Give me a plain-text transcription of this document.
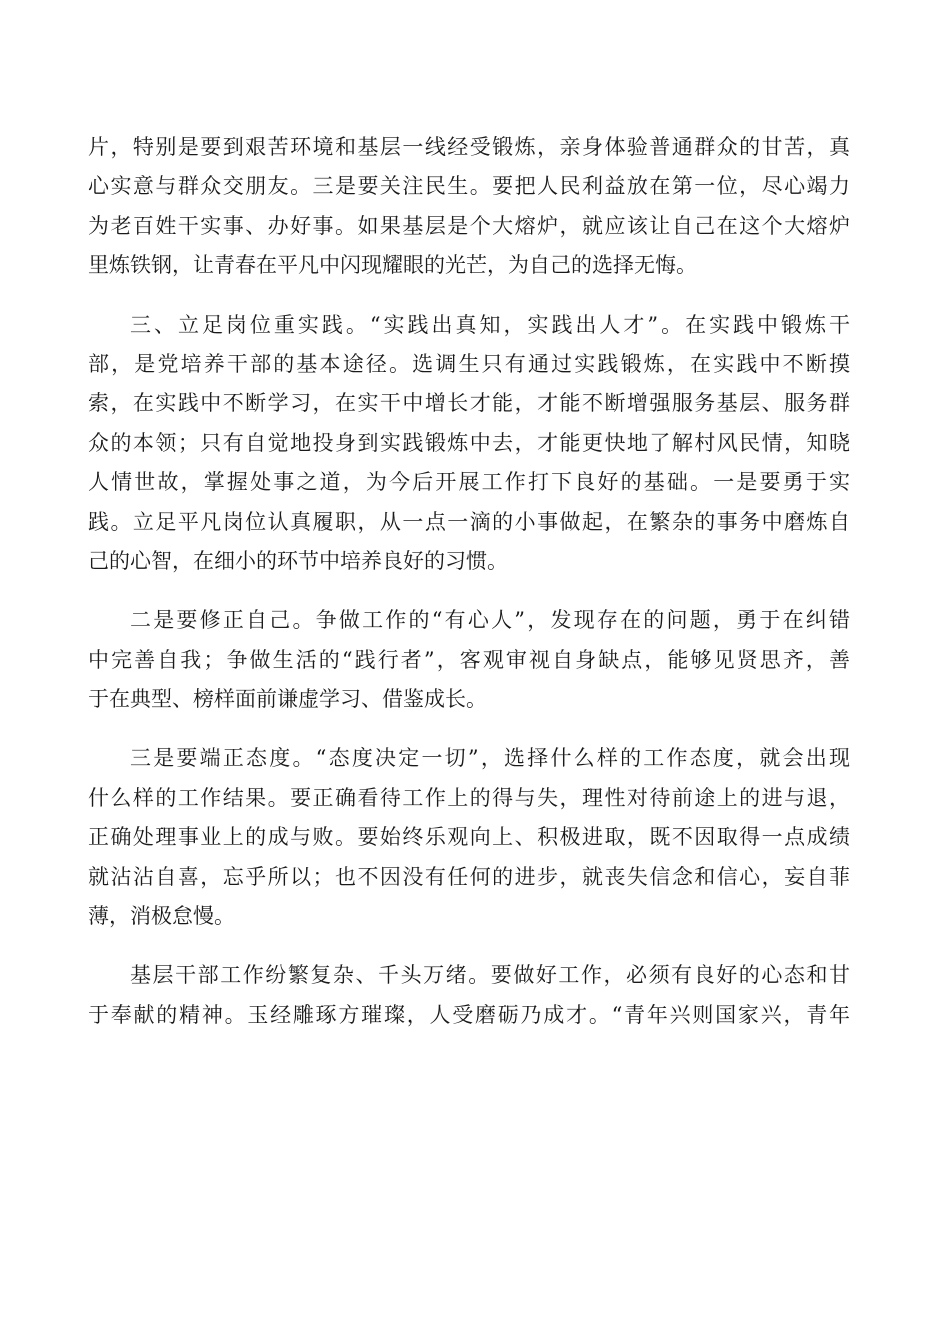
片，特别是要到艰苦环境和基层一线经受锻炼，亲身体验普通群众的甘苦，真
心实意与群众交朋友。三是要关注民生。要把人民利益放在第一位，尽心竭力
为老百姓干实事、办好事。如果基层是个大熔炉，就应该让自己在这个大熔炉
里炼铁钢，让青春在平凡中闪现耀眼的光芒，为自己的选择无悔。
三、立足岗位重实践。“实践出真知，实践出人才”。在实践中锻炼干
部，是党培养干部的基本途径。选调生只有通过实践锻炼，在实践中不断摸
索，在实践中不断学习，在实干中增长才能，才能不断增强服务基层、服务群
众的本领；只有自觉地投身到实践锻炼中去，才能更快地了解村风民情，知晓
人情世故，掌握处事之道，为今后开展工作打下良好的基础。一是要勇于实
践。立足平凡岗位认真履职，从一点一滴的小事做起，在繁杂的事务中磨炼自
己的心智，在细小的环节中培养良好的习惯。
二是要修正自己。争做工作的“有心人”，发现存在的问题，勇于在纠错
中完善自我；争做生活的“践行者”，客观审视自身缺点，能够见贤思齐，善
于在典型、榜样面前谦虚学习、借鉴成长。
三是要端正态度。“态度决定一切”，选择什么样的工作态度，就会出现
什么样的工作结果。要正确看待工作上的得与失，理性对待前途上的进与退，
正确处理事业上的成与败。要始终乐观向上、积极进取，既不因取得一点成绩
就沾沾自喜，忘乎所以；也不因没有任何的进步，就丧失信念和信心，妄自菲
薄，消极怠慢。
基层干部工作纷繁复杂、千头万绪。要做好工作，必须有良好的心态和甘
于奉献的精神。玉经雕琢方璀璨，人受磨砺乃成才。“青年兴则国家兴，青年
